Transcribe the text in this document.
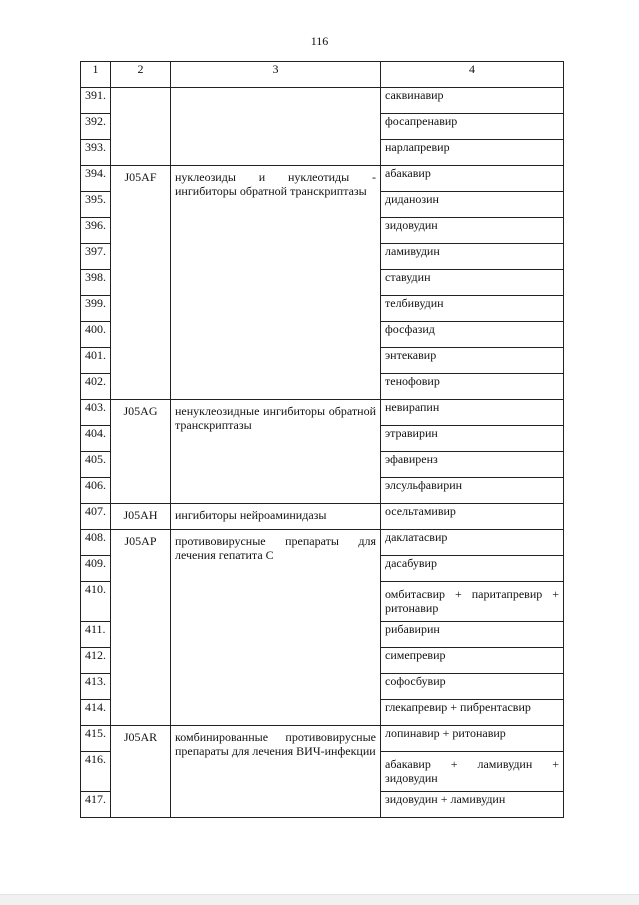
116
1	2	3	4
391.			саквинавир
392.			фосапренавир
393.			нарлапревир
394.	J05AF	нуклеозиды и нуклеотиды - ингибиторы обратной транскриптазы	абакавир
395.			диданозин
396.			зидовудин
397.			ламивудин
398.			ставудин
399.			телбивудин
400.			фосфазид
401.			энтекавир
402.			тенофовир
403.	J05AG	ненуклеозидные ингибиторы обратной транскриптазы	невирапин
404.			этравирин
405.			эфавиренз
406.			элсульфавирин
407.	J05AH	ингибиторы нейроаминидазы	осельтамивир
408.	J05AP	противовирусные препараты для лечения гепатита С	даклатасвир
409.			дасабувир
410.			омбитасвир + паритапревир + ритонавир
411.			рибавирин
412.			симепревир
413.			софосбувир
414.			глекапревир + пибрентасвир
415.	J05AR	комбинированные противовирусные препараты для лечения ВИЧ-инфекции	лопинавир + ритонавир
416.			абакавир + ламивудин + зидовудин
417.			зидовудин + ламивудин
